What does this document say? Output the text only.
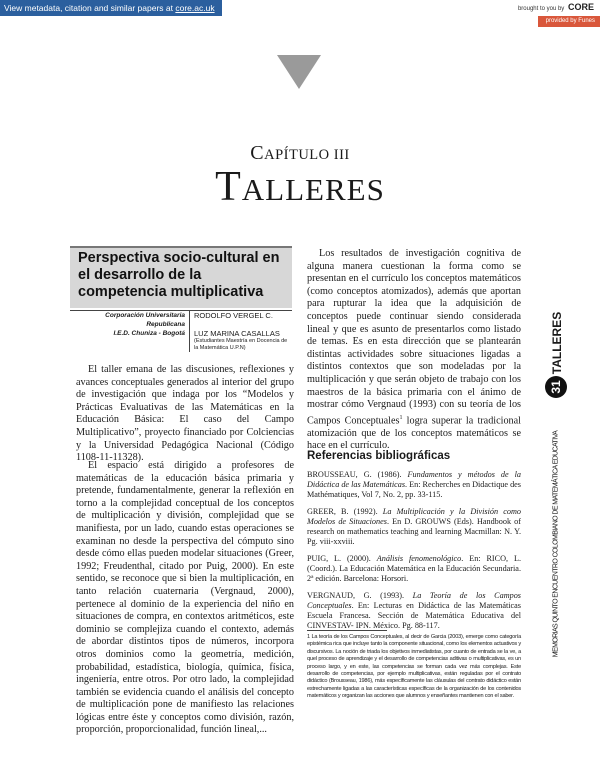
View metadata, citation and similar papers at core.ac.uk	brought to you by CORE
provided by Funes
CAPÍTULO III
TALLERES
Perspectiva socio-cultural en el desarrollo de la competencia multiplicativa
Corporación Universitaria Republicana
RODOLFO VERGEL C.
I.E.D. Chuniza - Bogotá	LUZ MARINA CASALLAS
(Estudiantes Maestría en Docencia de la Matemática U.P.N)
El taller emana de las discusiones, reflexiones y avances conceptuales generados al interior del grupo de investigación que indaga por los “Modelos y Prácticas Evaluativas de las Matemáticas en la Educación Básica: El caso del Campo Multiplicativo”, proyecto financiado por Colciencias y la Universidad Pedagógica Nacional (Código 1108-11-11328).
El espacio está dirigido a profesores de matemáticas de la educación básica primaria y pretende, fundamentalmente, generar la reflexión en torno a la complejidad conceptual de los conceptos de multiplicación y división, complejidad que se manifiesta, por un lado, cuando estas operaciones se examinan no desde la perspectiva del cómputo sino desde cómo ellas pueden modelar situaciones (Greer, 1992; Freudenthal, citado por Puig, 2000). En este sentido, se reconoce que si bien la multiplicación, en tanto relación cuaternaria (Vergnaud, 2000), pertenece al dominio de la experiencia del niño en situaciones de compra, en contextos aritméticos, este dominio se complejiza cuando el contexto, además de abordar distintos tipos de números, incorpora otros dominios como la geometría, medición, probabilidad, estadística, biología, química, física, ingeniería, entre otros. Por otro lado, la complejidad también se evidencia cuando el análisis del concepto de multiplicación pone de manifiesto las relaciones lógicas entre éste y conceptos como división, razón, proporción, proporcionalidad, función lineal,...
Los resultados de investigación cognitiva de alguna manera cuestionan la forma como se presentan en el currículo los conceptos matemáticos (como conceptos atomizados), además que aportan para rupturar la idea que la adquisición de conceptos puede continuar siendo considerada lineal y que es asunto de presentarlos como listado de temas. Es en esta dirección que se plantearán distintas actividades sobre situaciones ligadas a distintos contextos que son modeladas por la multiplicación y que serán objeto de trabajo con los maestros de la básica primaria con el ánimo de mostrar cómo Vergnaud (1993) con su teoría de los Campos Conceptuales$^1$ logra superar la tradicional atomización que de los conceptos matemáticos se hace en el currículo.
Referencias bibliográficas
BROUSSEAU, G. (1986). Fundamentos y métodos de la Didáctica de las Matemáticas. En: Recherches en Didactique des Mathématiques, Vol 7, No. 2, pp. 33-115.
GREER, B. (1992). La Multiplicación y la División como Modelos de Situaciones. En D. GROUWS (Eds). Handbook of research on mathematics teaching and learning Macmillan: N. Y. Pg. viii-xxviii.
PUIG, L. (2000). Análisis fenomenológico. En: RICO, L. (Coord.). La Educación Matemática en la Educación Secundaria. 2ª edición. Barcelona: Horsori.
VERGNAUD, G. (1993). La Teoría de los Campos Conceptuales. En: Lecturas en Didáctica de las Matemáticas Escuela Francesa. Sección de Matemática Educativa del CINVESTAV- IPN. México. Pg. 88-117.
1 La teoría de los Campos Conceptuales, al decir de Garcia (2003), emerge como categoría epistémica rica que incluye tanto la componente situacional, como los elementos actuativos y discursivos. La noción de triada los objetivos inmediatistas, por cuanto de entrada se la ve, a quel proceso de aprendizaje y el desarrollo de competencias aditivas o multiplicativas, es un proceso largo, y en este, las competencias se forman cada vez más complejas. Este desarrollo de competencias, por ejemplo multiplicativas, están reguladas por el contrato didáctico (Brousseau, 1986), más específicamente las cláusulas del contrato didáctico están estrechamente ligadas a las características específicas de la organización de los contenidos matemáticos y organizan las acciones que alumnos y enseñantes mantienen con el saber.
TALLERES
31
MEMORIAS QUINTO ENCUENTRO COLOMBIANO DE MATEMÁTICA EDUCATIVA
